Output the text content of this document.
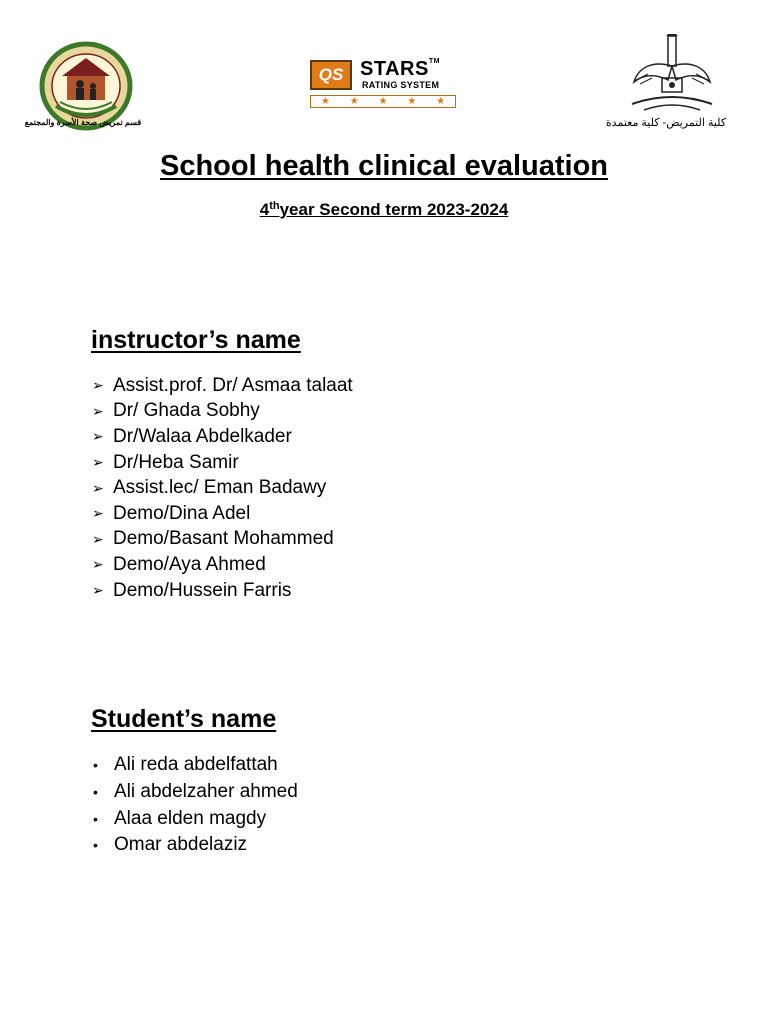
قسم تمريض صحة الأسرة والمجتمع
QS STARS™
RATING SYSTEM
★ ★ ★ ★ ★
كلية التمريض- كلية معتمدة
School health clinical evaluation
4thyear Second term 2023-2024
instructor’s name
➢ Assist.prof. Dr/ Asmaa talaat
➢ Dr/ Ghada Sobhy
➢ Dr/Walaa Abdelkader
➢ Dr/Heba Samir
➢ Assist.lec/ Eman Badawy
➢ Demo/Dina Adel
➢ Demo/Basant Mohammed
➢ Demo/Aya Ahmed
➢ Demo/Hussein Farris
Student’s name
• Ali reda abdelfattah
• Ali abdelzaher ahmed
• Alaa elden magdy
• Omar abdelaziz
